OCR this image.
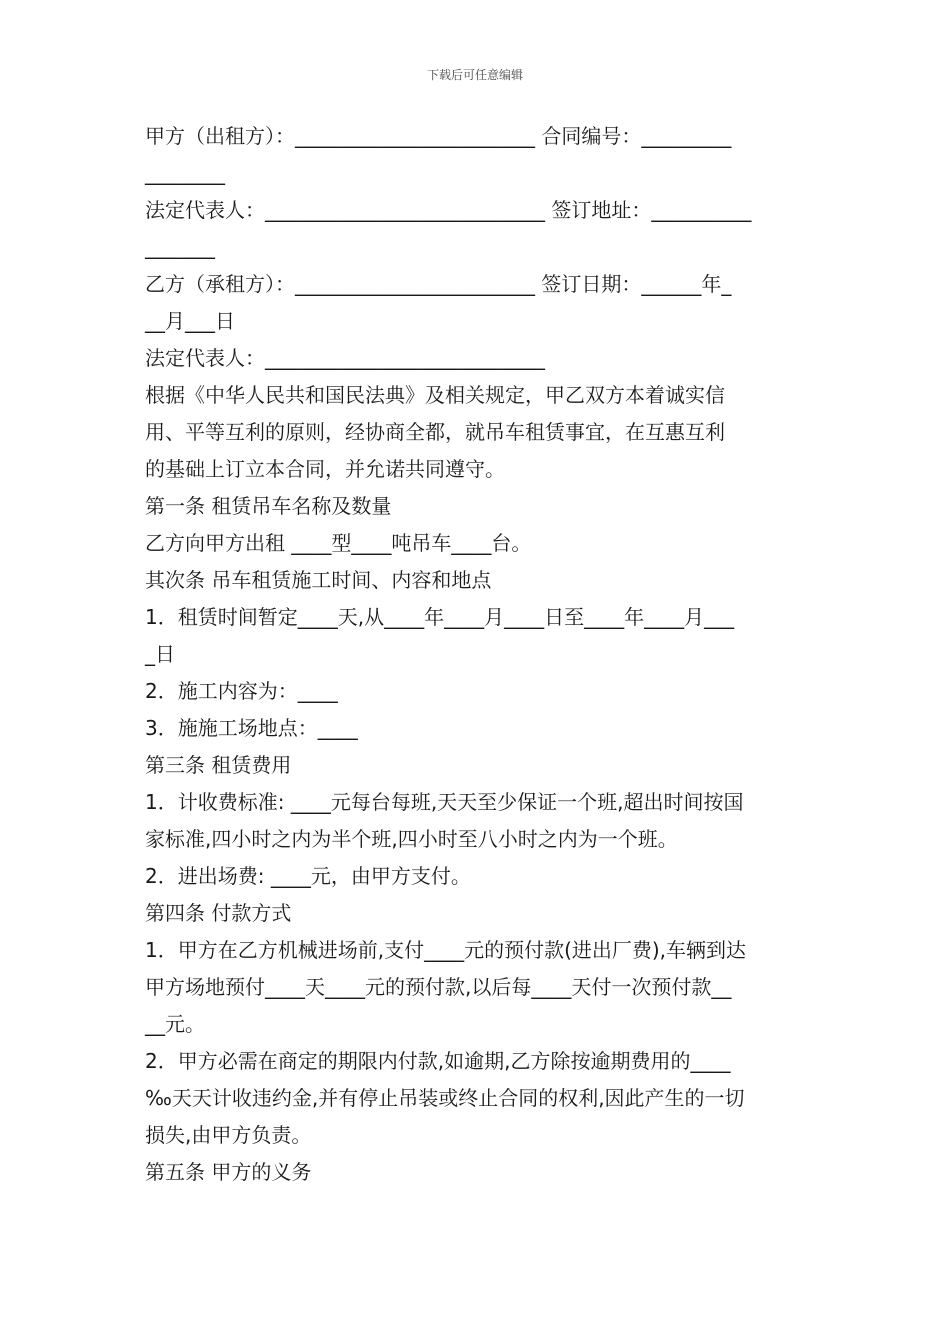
下载后可任意编辑

甲方（出租方）：________________________ 合同编号：_________

________

法定代表人：____________________________ 签订地址：__________

_______

乙方（承租方）：________________________ 签订日期：______年_

__月___日

法定代表人：____________________________

根据《中华人民共和国民法典》及相关规定，甲乙双方本着诚实信

用、平等互利的原则，经协商全都，就吊车租赁事宜，在互惠互利

的基础上订立本合同，并允诺共同遵守。

第一条 租赁吊车名称及数量

乙方向甲方出租 ____型____吨吊车____台。

其次条 吊车租赁施工时间、内容和地点

1．租赁时间暂定____天,从____年____月____日至____年____月___

_日

2．施工内容为：____

3．施施工场地点：____

第三条 租赁费用

1．计收费标准: ____元每台每班,天天至少保证一个班,超出时间按国

家标准,四小时之内为半个班,四小时至八小时之内为一个班。

2．进出场费: ____元，由甲方支付。

第四条 付款方式

1．甲方在乙方机械进场前,支付____元的预付款(进出厂费),车辆到达

甲方场地预付____天____元的预付款,以后每____天付一次预付款__

__元。

2．甲方必需在商定的期限内付款,如逾期,乙方除按逾期费用的____

‰天天计收违约金,并有停止吊装或终止合同的权利,因此产生的一切

损失,由甲方负责。

第五条 甲方的义务
